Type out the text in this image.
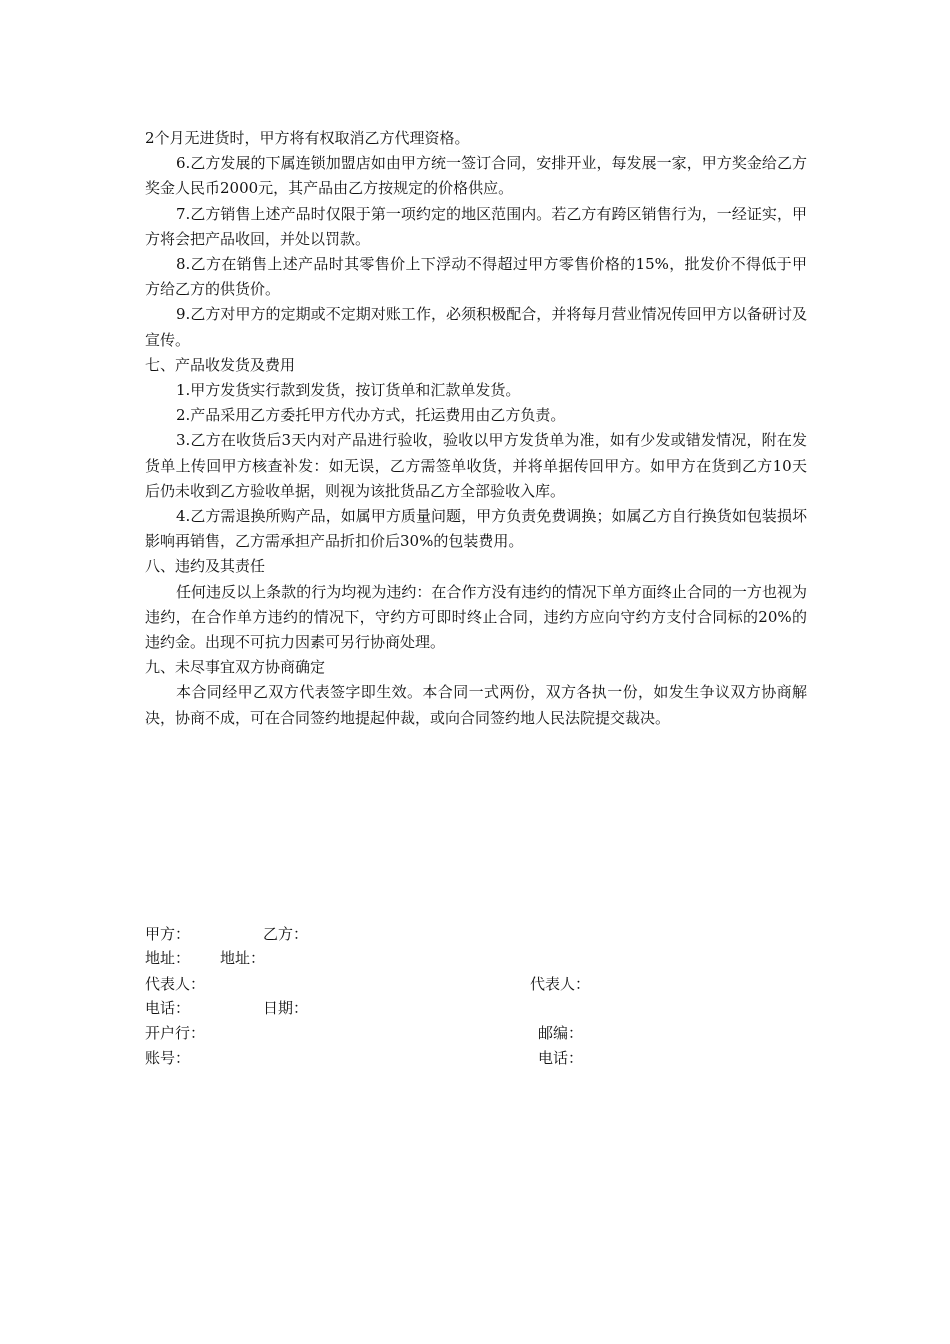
2个月无进货时，甲方将有权取消乙方代理资格。

6.乙方发展的下属连锁加盟店如由甲方统一签订合同，安排开业，每发展一家，甲方奖金给乙方奖金人民币2000元，其产品由乙方按规定的价格供应。

7.乙方销售上述产品时仅限于第一项约定的地区范围内。若乙方有跨区销售行为，一经证实，甲方将会把产品收回，并处以罚款。

8.乙方在销售上述产品时其零售价上下浮动不得超过甲方零售价格的15%，批发价不得低于甲方给乙方的供货价。

9.乙方对甲方的定期或不定期对账工作，必须积极配合，并将每月营业情况传回甲方以备研讨及宣传。

七、产品收发货及费用

1.甲方发货实行款到发货，按订货单和汇款单发货。

2.产品采用乙方委托甲方代办方式，托运费用由乙方负责。

3.乙方在收货后3天内对产品进行验收，验收以甲方发货单为准，如有少发或错发情况，附在发货单上传回甲方核查补发：如无误，乙方需签单收货，并将单据传回甲方。如甲方在货到乙方10天后仍未收到乙方验收单据，则视为该批货品乙方全部验收入库。

4.乙方需退换所购产品，如属甲方质量问题，甲方负责免费调换；如属乙方自行换货如包装损坏影响再销售，乙方需承担产品折扣价后30%的包装费用。

八、违约及其责任

任何违反以上条款的行为均视为违约：在合作方没有违约的情况下单方面终止合同的一方也视为违约，在合作单方违约的情况下，守约方可即时终止合同，违约方应向守约方支付合同标的20%的违约金。出现不可抗力因素可另行协商处理。

九、未尽事宜双方协商确定

本合同经甲乙双方代表签字即生效。本合同一式两份，双方各执一份，如发生争议双方协商解决，协商不成，可在合同签约地提起仲裁，或向合同签约地人民法院提交裁决。

甲方：	乙方：
地址： 地址：
代表人：	代表人：
电话：	日期：
开户行：	邮编：
账号：	电话：
